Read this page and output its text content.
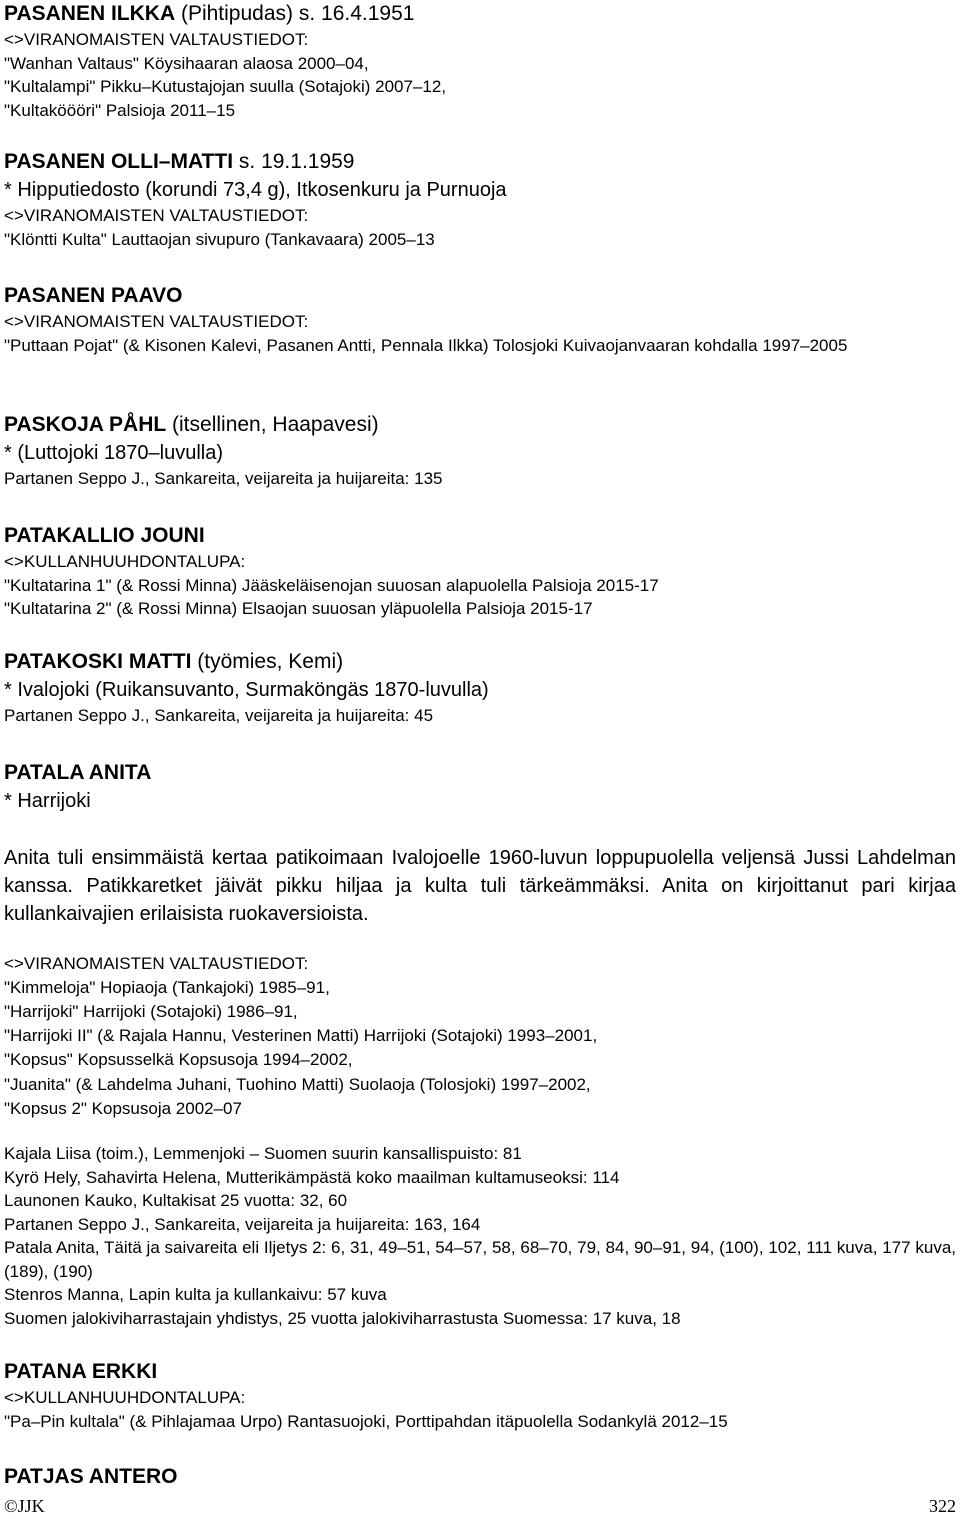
PASANEN ILKKA (Pihtipudas) s. 16.4.1951

<>VIRANOMAISTEN VALTAUSTIEDOT:

"Wanhan Valtaus" Köysihaaran alaosa 2000–04,

"Kultalampi" Pikku–Kutustajojan suulla (Sotajoki) 2007–12,

"Kultaköööri" Palsioja 2011–15

PASANEN OLLI–MATTI s. 19.1.1959

* Hipputiedosto (korundi 73,4 g), Itkosenkuru ja Purnuoja

<>VIRANOMAISTEN VALTAUSTIEDOT:

"Klöntti Kulta" Lauttaojan sivupuro (Tankavaara) 2005–13

PASANEN PAAVO

<>VIRANOMAISTEN VALTAUSTIEDOT:

"Puttaan Pojat" (& Kisonen Kalevi, Pasanen Antti, Pennala Ilkka) Tolosjoki Kuivaojanvaaran kohdalla 1997–2005

PASKOJA PÅHL (itsellinen, Haapavesi)

* (Luttojoki 1870–luvulla)

Partanen Seppo J., Sankareita, veijareita ja huijareita: 135

PATAKALLIO JOUNI

<>KULLANHUUHDONTALUPA:

"Kultatarina 1" (& Rossi Minna) Jääskeläisenojan suuosan alapuolella Palsioja 2015-17

"Kultatarina 2" (& Rossi Minna) Elsaojan suuosan yläpuolella Palsioja 2015-17

PATAKOSKI MATTI (työmies, Kemi)

* Ivalojoki (Ruikansuvanto, Surmaköngäs 1870-luvulla)

Partanen Seppo J., Sankareita, veijareita ja huijareita: 45

PATALA ANITA

* Harrijoki

Anita tuli ensimmäistä kertaa patikoimaan Ivalojoelle 1960-luvun loppupuolella veljensä Jussi Lahdelman kanssa. Patikkaretket jäivät pikku hiljaa ja kulta tuli tärkeämmäksi. Anita on kirjoittanut pari kirjaa kullankaivajien erilaisista ruokaversioista.

<>VIRANOMAISTEN VALTAUSTIEDOT:

"Kimmeloja" Hopiaoja (Tankajoki) 1985–91,

"Harrijoki" Harrijoki (Sotajoki) 1986–91,

"Harrijoki II" (& Rajala Hannu, Vesterinen Matti) Harrijoki (Sotajoki) 1993–2001,

"Kopsus" Kopsusselkä Kopsusoja 1994–2002,

"Juanita" (& Lahdelma Juhani, Tuohino Matti) Suolaoja (Tolosjoki) 1997–2002,

"Kopsus 2" Kopsusoja 2002–07

Kajala Liisa (toim.), Lemmenjoki – Suomen suurin kansallispuisto: 81

Kyrö Hely, Sahavirta Helena, Mutterikämpästä koko maailman kultamuseoksi: 114

Launonen Kauko, Kultakisat 25 vuotta: 32, 60

Partanen Seppo J., Sankareita, veijareita ja huijareita: 163, 164

Patala Anita, Täitä ja saivareita eli Iljetys 2: 6, 31, 49–51, 54–57, 58, 68–70, 79, 84, 90–91, 94, (100), 102, 111 kuva, 177 kuva, (189), (190)

Stenros Manna, Lapin kulta ja kullankaivu: 57 kuva

Suomen jalokiviharrastajain yhdistys, 25 vuotta jalokiviharrastusta Suomessa: 17 kuva, 18

PATANA ERKKI

<>KULLANHUUHDONTALUPA:

"Pa–Pin kultala" (& Pihlajamaa Urpo) Rantasuojoki, Porttipahdan itäpuolella Sodankylä 2012–15

PATJAS ANTERO

©JJK	322
